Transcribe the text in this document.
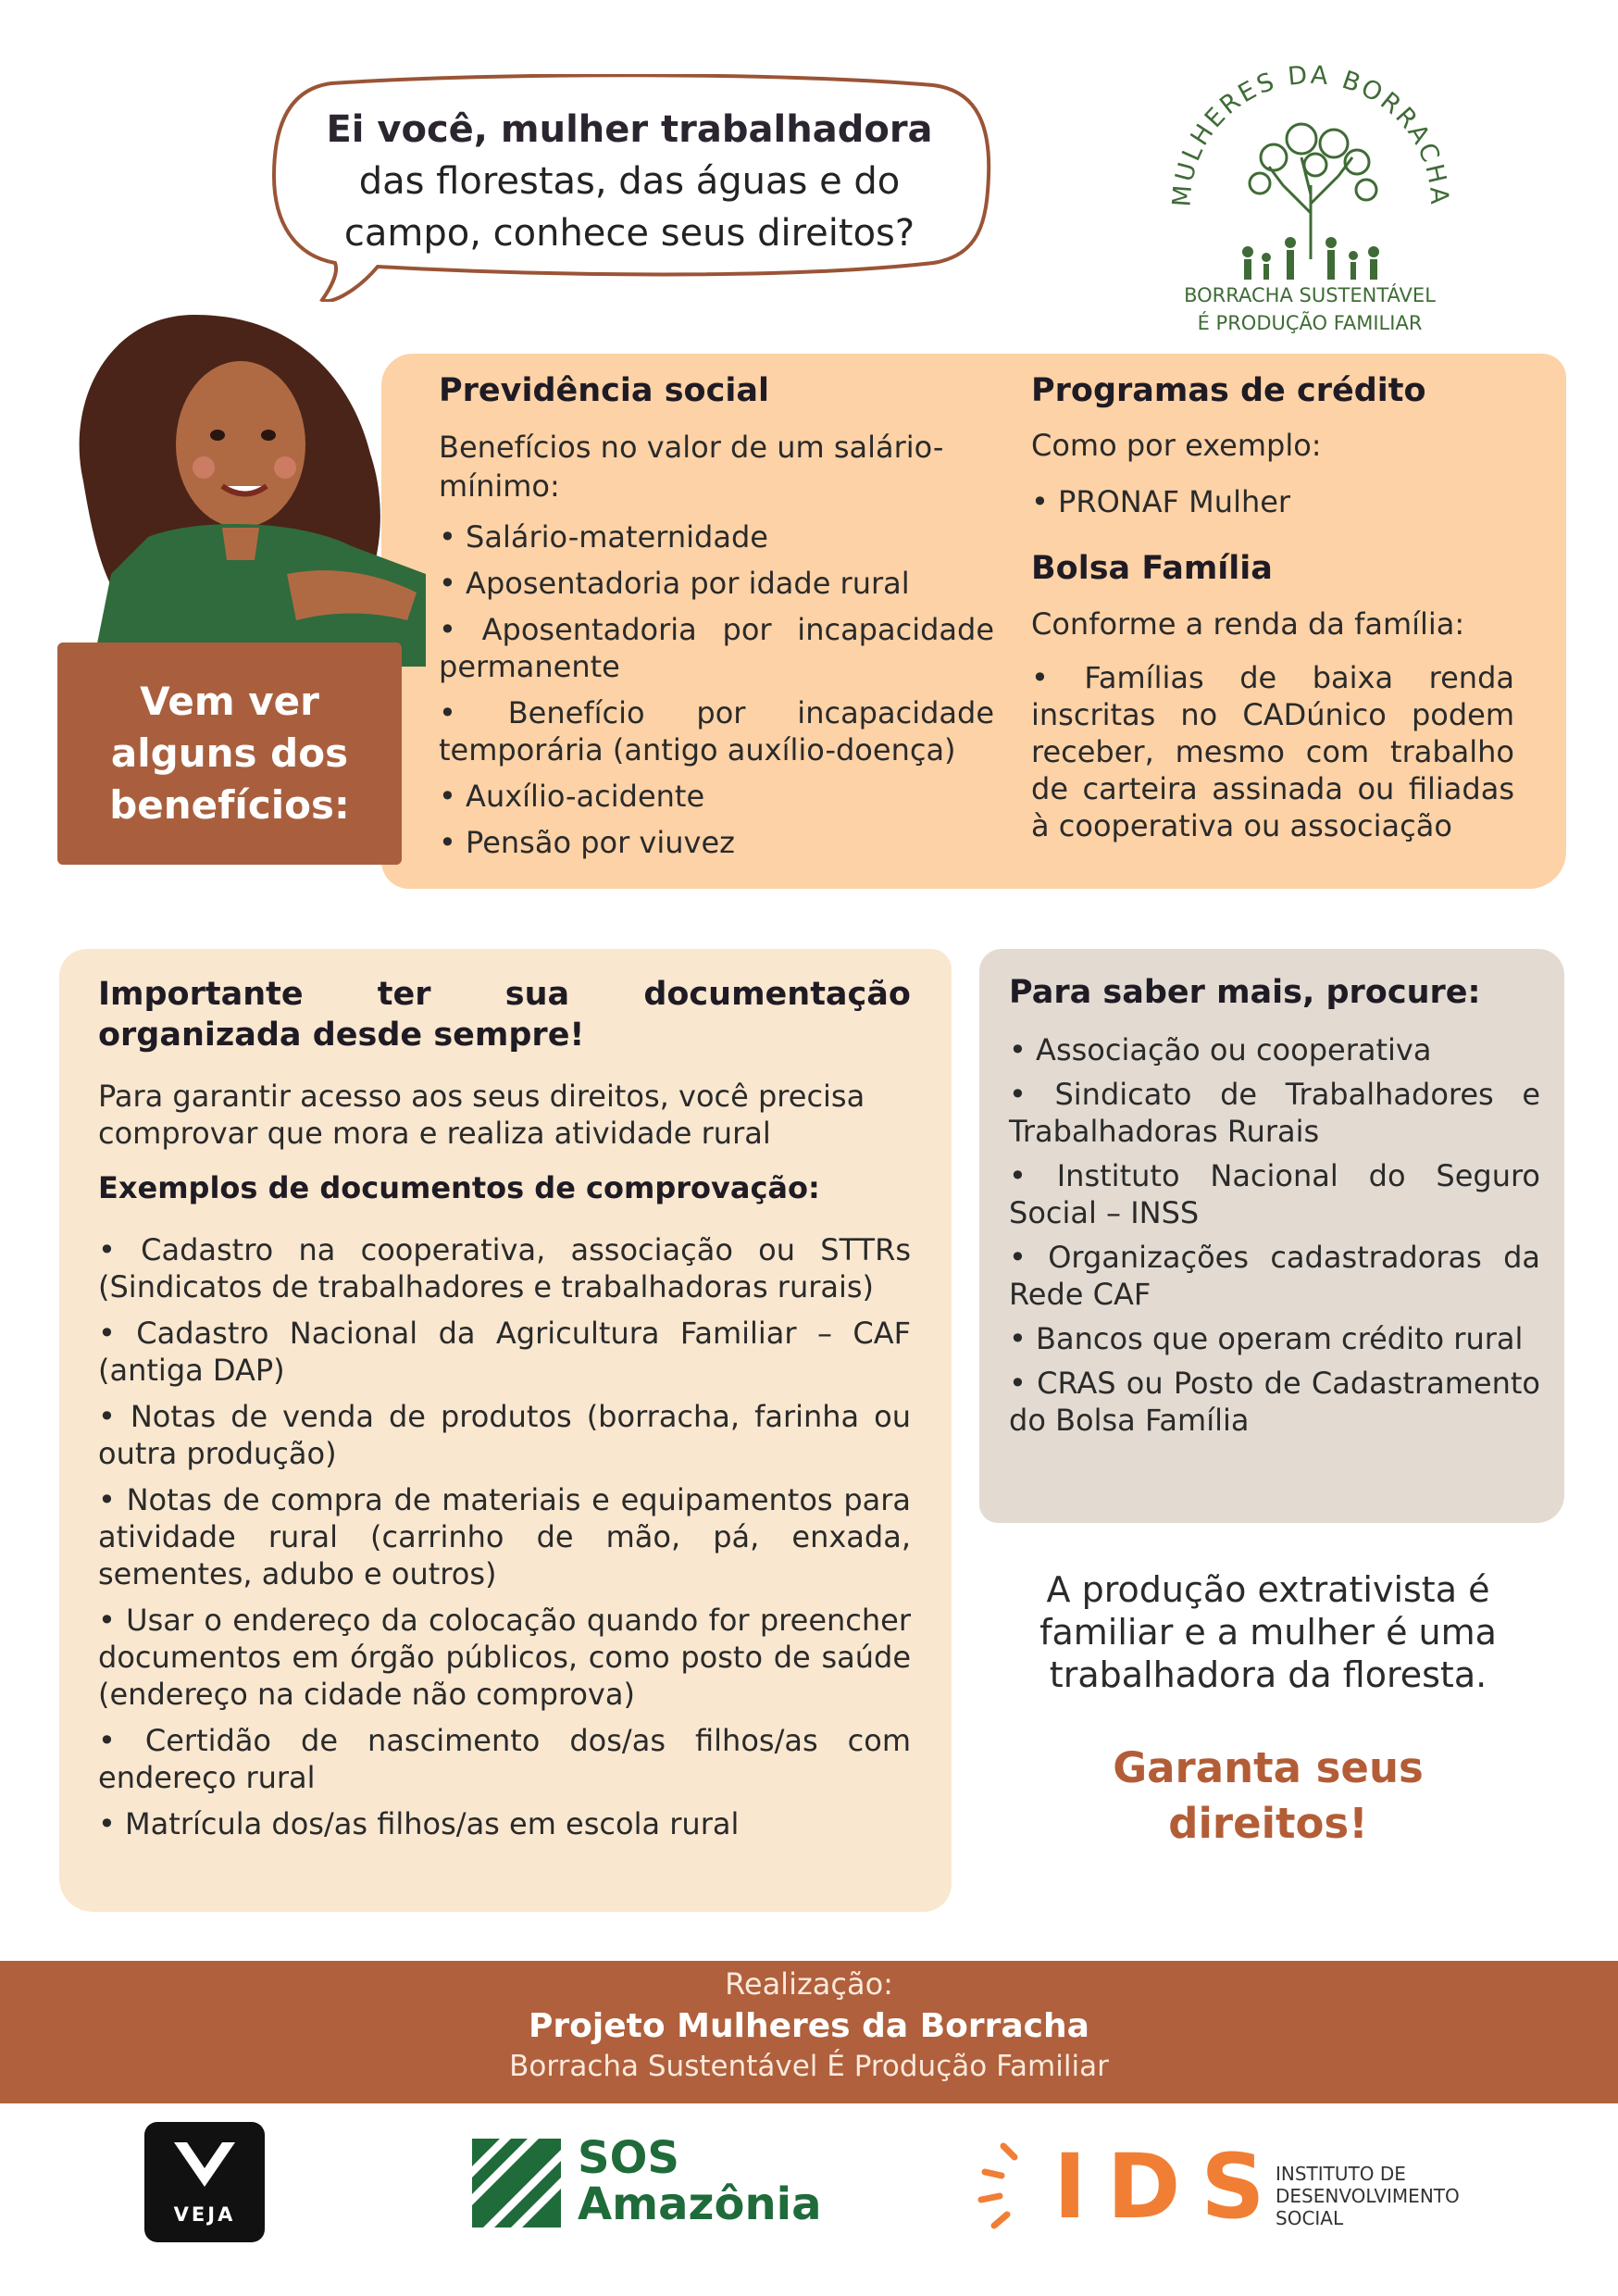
Ei você, mulher trabalhadora
das florestas, das águas e do
campo, conhece seus direitos?
MULHERES DA BORRACHA
BORRACHA SUSTENTÁVEL
É PRODUÇÃO FAMILIAR
Previdência social
Benefícios no valor de um salário-mínimo:
• Salário-maternidade
• Aposentadoria por idade rural
• Aposentadoria por incapacidade permanente
• Benefício por incapacidade temporária (antigo auxílio-doença)
• Auxílio-acidente
• Pensão por viuvez
Programas de crédito
Como por exemplo:
• PRONAF Mulher
Bolsa Família
Conforme a renda da família:
• Famílias de baixa renda inscritas no CADúnico podem receber, mesmo com trabalho de carteira assinada ou filiadas à cooperativa ou associação
Vem ver
alguns dos
benefícios:
Importante ter sua documentação
organizada desde sempre!
Para garantir acesso aos seus direitos, você precisa comprovar que mora e realiza atividade rural
Exemplos de documentos de comprovação:
• Cadastro na cooperativa, associação ou STTRs (Sindicatos de trabalhadores e trabalhadoras rurais)
• Cadastro Nacional da Agricultura Familiar – CAF (antiga DAP)
• Notas de venda de produtos (borracha, farinha ou outra produção)
• Notas de compra de materiais e equipamentos para atividade rural (carrinho de mão, pá, enxada, sementes, adubo e outros)
• Usar o endereço da colocação quando for preencher documentos em órgão públicos, como posto de saúde (endereço na cidade não comprova)
• Certidão de nascimento dos/as filhos/as com endereço rural
• Matrícula dos/as filhos/as em escola rural
Para saber mais, procure:
• Associação ou cooperativa
• Sindicato de Trabalhadores e Trabalhadoras Rurais
• Instituto Nacional do Seguro Social – INSS
• Organizações cadastradoras da Rede CAF
• Bancos que operam crédito rural
• CRAS ou Posto de Cadastramento do Bolsa Família
A produção extrativista é
familiar e a mulher é uma
trabalhadora da floresta.
Garanta seus
direitos!
Realização:
Projeto Mulheres da Borracha
Borracha Sustentável É Produção Familiar
VEJA
SOS
Amazônia	IDS
INSTITUTO DE
DESENVOLVIMENTO
SOCIAL
